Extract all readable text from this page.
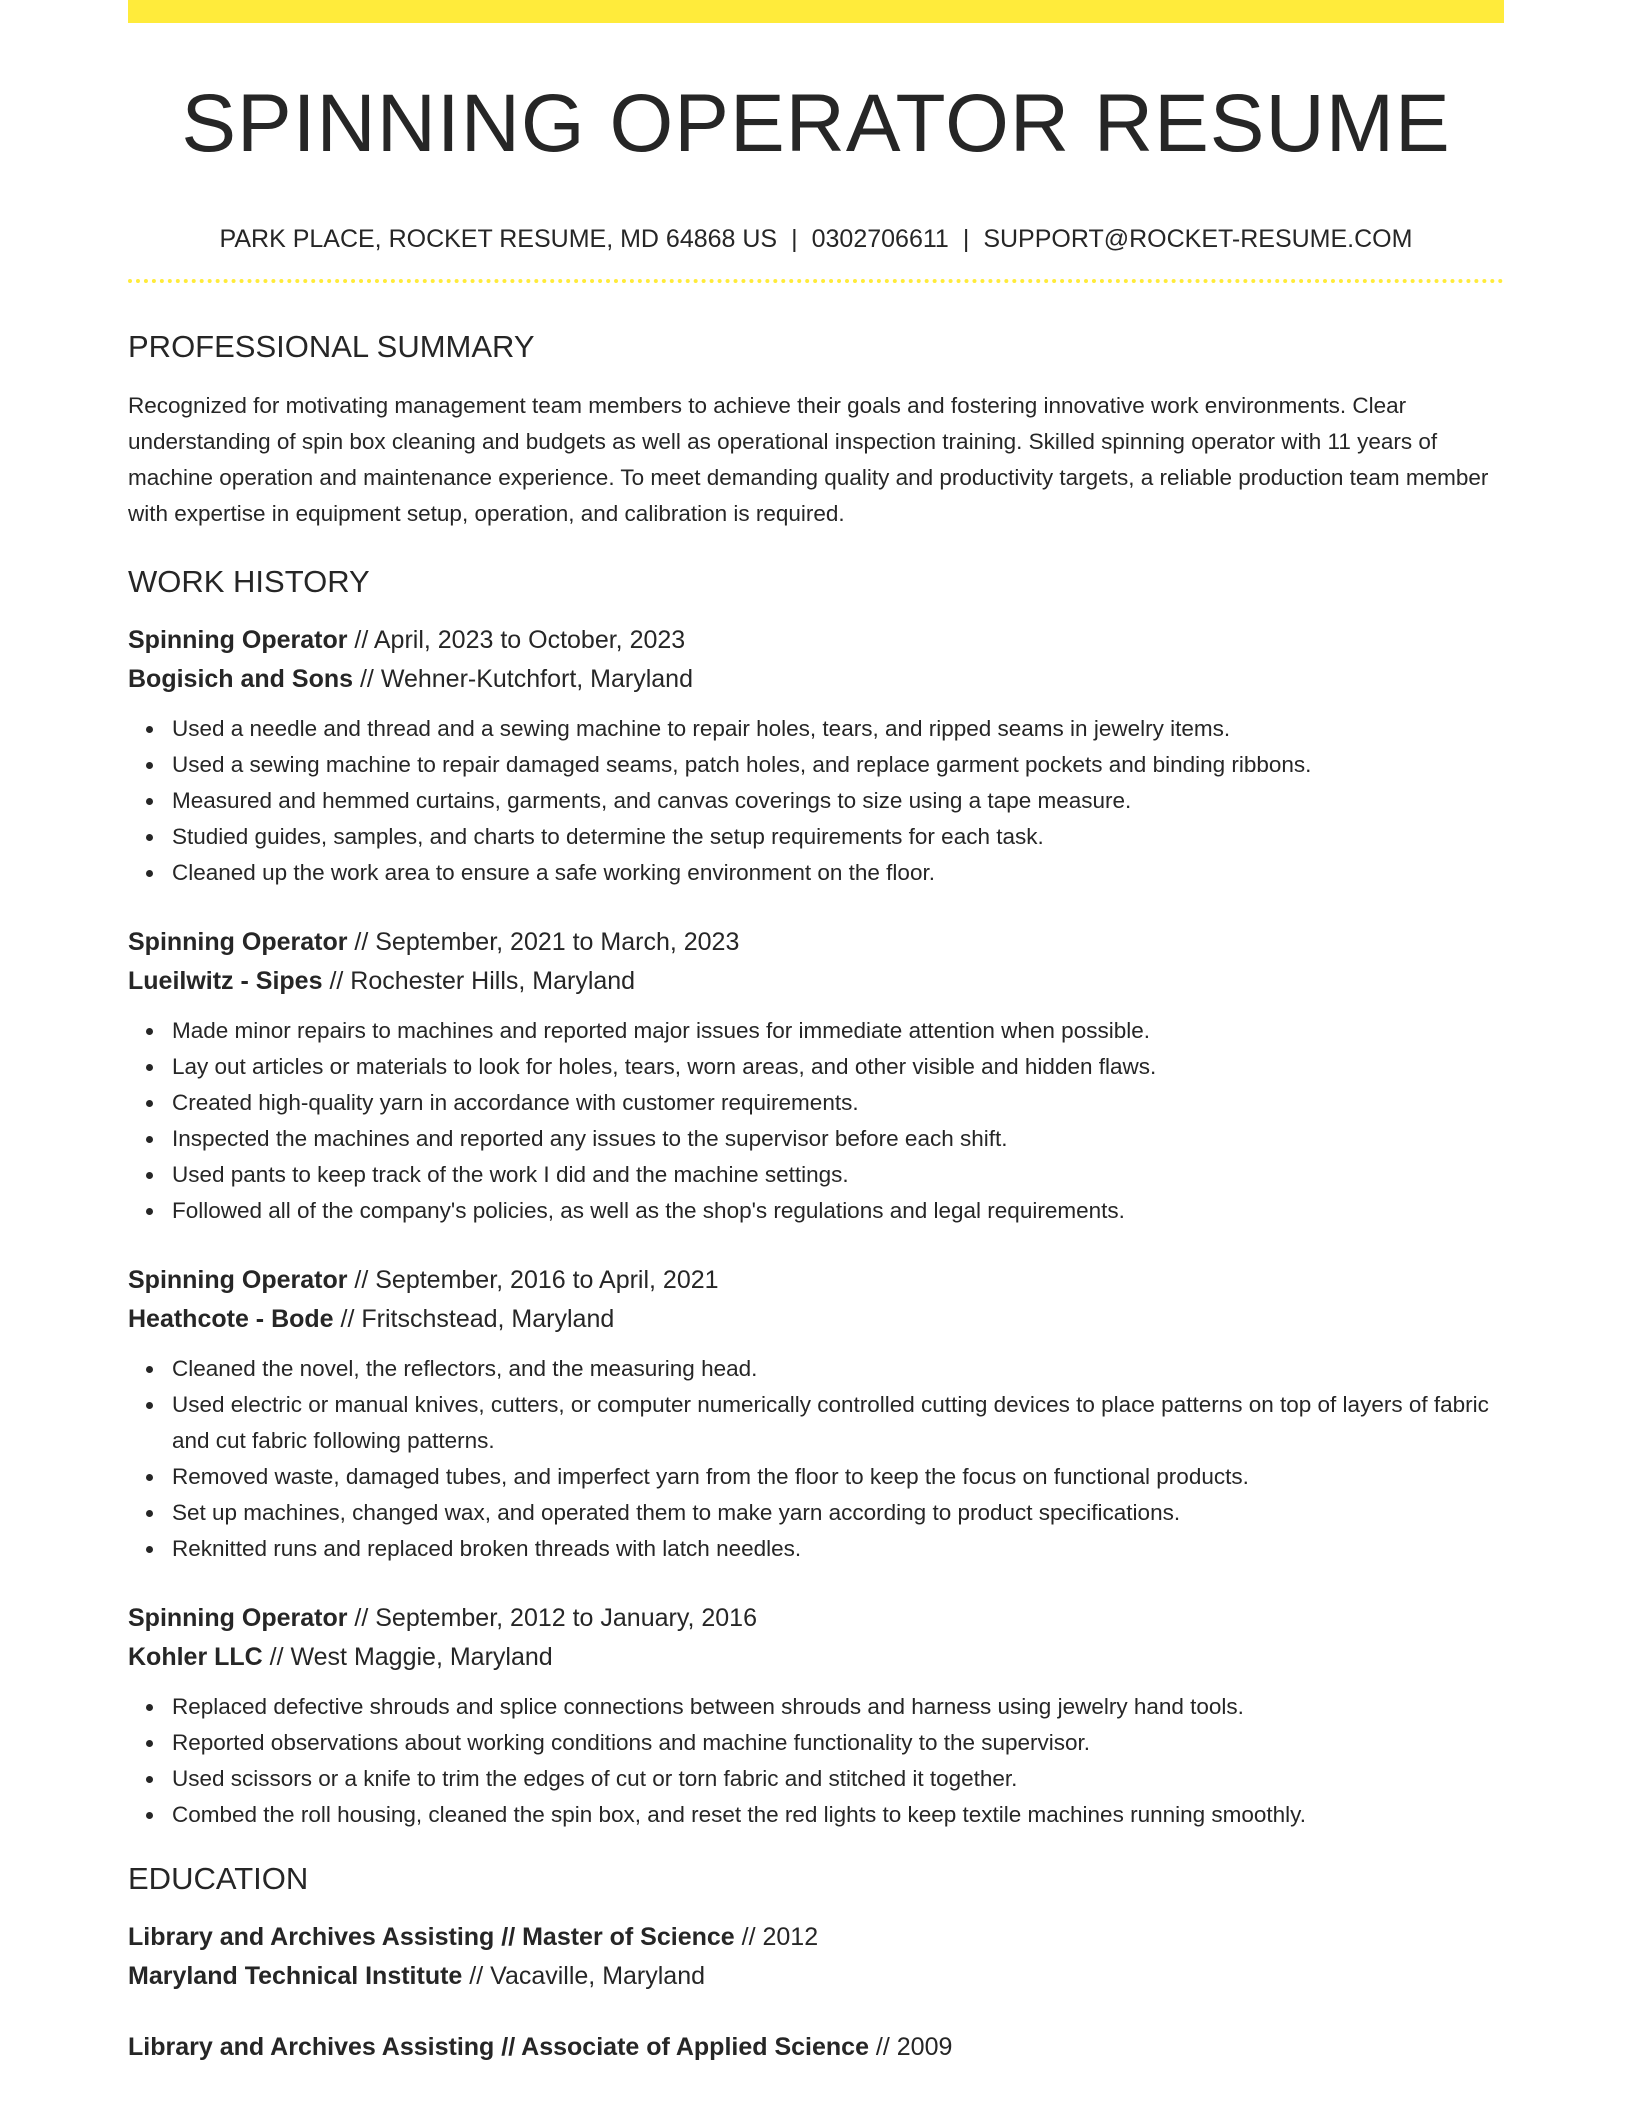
SPINNING OPERATOR RESUME
PARK PLACE, ROCKET RESUME, MD 64868 US | 0302706611 | SUPPORT@ROCKET-RESUME.COM
PROFESSIONAL SUMMARY

Recognized for motivating management team members to achieve their goals and fostering innovative work environments. Clear understanding of spin box cleaning and budgets as well as operational inspection training. Skilled spinning operator with 11 years of machine operation and maintenance experience. To meet demanding quality and productivity targets, a reliable production team member with expertise in equipment setup, operation, and calibration is required.

WORK HISTORY
Spinning Operator // April, 2023 to October, 2023
Bogisich and Sons // Wehner-Kutchfort, Maryland
Used a needle and thread and a sewing machine to repair holes, tears, and ripped seams in jewelry items.
Used a sewing machine to repair damaged seams, patch holes, and replace garment pockets and binding ribbons.
Measured and hemmed curtains, garments, and canvas coverings to size using a tape measure.
Studied guides, samples, and charts to determine the setup requirements for each task.
Cleaned up the work area to ensure a safe working environment on the floor.
Spinning Operator // September, 2021 to March, 2023
Lueilwitz - Sipes // Rochester Hills, Maryland
Made minor repairs to machines and reported major issues for immediate attention when possible.
Lay out articles or materials to look for holes, tears, worn areas, and other visible and hidden flaws.
Created high-quality yarn in accordance with customer requirements.
Inspected the machines and reported any issues to the supervisor before each shift.
Used pants to keep track of the work I did and the machine settings.
Followed all of the company's policies, as well as the shop's regulations and legal requirements.
Spinning Operator // September, 2016 to April, 2021
Heathcote - Bode // Fritschstead, Maryland
Cleaned the novel, the reflectors, and the measuring head.
Used electric or manual knives, cutters, or computer numerically controlled cutting devices to place patterns on top of layers of fabric and cut fabric following patterns.
Removed waste, damaged tubes, and imperfect yarn from the floor to keep the focus on functional products.
Set up machines, changed wax, and operated them to make yarn according to product specifications.
Reknitted runs and replaced broken threads with latch needles.
Spinning Operator // September, 2012 to January, 2016
Kohler LLC // West Maggie, Maryland
Replaced defective shrouds and splice connections between shrouds and harness using jewelry hand tools.
Reported observations about working conditions and machine functionality to the supervisor.
Used scissors or a knife to trim the edges of cut or torn fabric and stitched it together.
Combed the roll housing, cleaned the spin box, and reset the red lights to keep textile machines running smoothly.
EDUCATION
Library and Archives Assisting // Master of Science // 2012
Maryland Technical Institute // Vacaville, Maryland
Library and Archives Assisting // Associate of Applied Science // 2009
